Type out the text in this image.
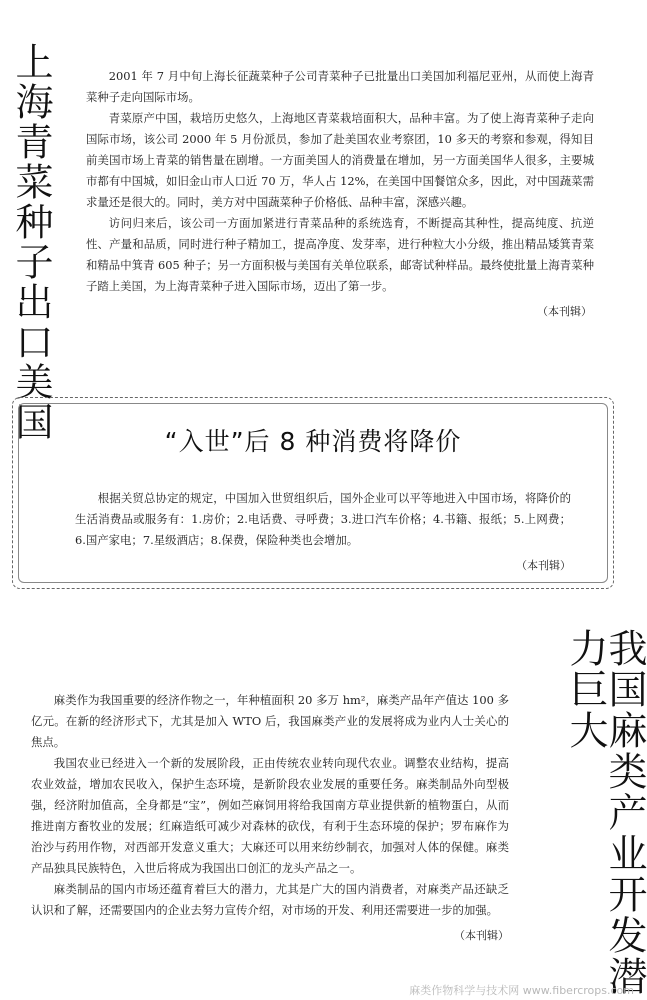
上海青菜种子出口美国	2001 年 7 月中旬上海长征蔬菜种子公司青菜种子已批量出口美国加利福尼亚州，从而使上海青菜种子走向国际市场。

青菜原产中国，栽培历史悠久，上海地区青菜栽培面积大，品种丰富。为了使上海青菜种子走向国际市场，该公司 2000 年 5 月份派员，参加了赴美国农业考察团，10 多天的考察和参观，得知目前美国市场上青菜的销售量在剧增。一方面美国人的消费量在增加，另一方面美国华人很多，主要城市都有中国城，如旧金山市人口近 70 万，华人占 12%，在美国中国餐馆众多，因此，对中国蔬菜需求量还是很大的。同时，美方对中国蔬菜种子价格低、品种丰富，深感兴趣。

访问归来后，该公司一方面加紧进行青菜品种的系统选育，不断提高其种性，提高纯度、抗逆性、产量和品质，同时进行种子精加工，提高净度、发芽率，进行种粒大小分级，推出精品矮箕青菜和精品中箕青 605 种子；另一方面积极与美国有关单位联系，邮寄试种样品。最终使批量上海青菜种子踏上美国，为上海青菜种子进入国际市场，迈出了第一步。

（本刊辑）
“入世”后 8 种消费将降价

根据关贸总协定的规定，中国加入世贸组织后，国外企业可以平等地进入中国市场，将降价的生活消费品或服务有：1.房价；2.电话费、寻呼费；3.进口汽车价格；4.书籍、报纸；5.上网费；6.国产家电；7.星级酒店；8.保费，保险种类也会增加。

（本刊辑）
我国麻类产业开发潜力巨大

麻类作为我国重要的经济作物之一，年种植面积 20 多万 hm²，麻类产品年产值达 100 多亿元。在新的经济形式下，尤其是加入 WTO 后，我国麻类产业的发展将成为业内人士关心的焦点。

我国农业已经进入一个新的发展阶段，正由传统农业转向现代农业。调整农业结构，提高农业效益，增加农民收入，保护生态环境，是新阶段农业发展的重要任务。麻类制品外向型极强，经济附加值高，全身都是“宝”，例如苎麻饲用将给我国南方草业提供新的植物蛋白，从而推进南方畜牧业的发展；红麻造纸可减少对森林的砍伐，有利于生态环境的保护；罗布麻作为治沙与药用作物，对西部开发意义重大；大麻还可以用来纺纱制衣，加强对人体的保健。麻类产品独具民族特色，入世后将成为我国出口创汇的龙头产品之一。

麻类制品的国内市场还蕴育着巨大的潜力，尤其是广大的国内消费者，对麻类产品还缺乏认识和了解，还需要国内的企业去努力宣传介绍，对市场的开发、利用还需要进一步的加强。

（本刊辑）
麻类作物科学与技术网 www.fibercrops.com
